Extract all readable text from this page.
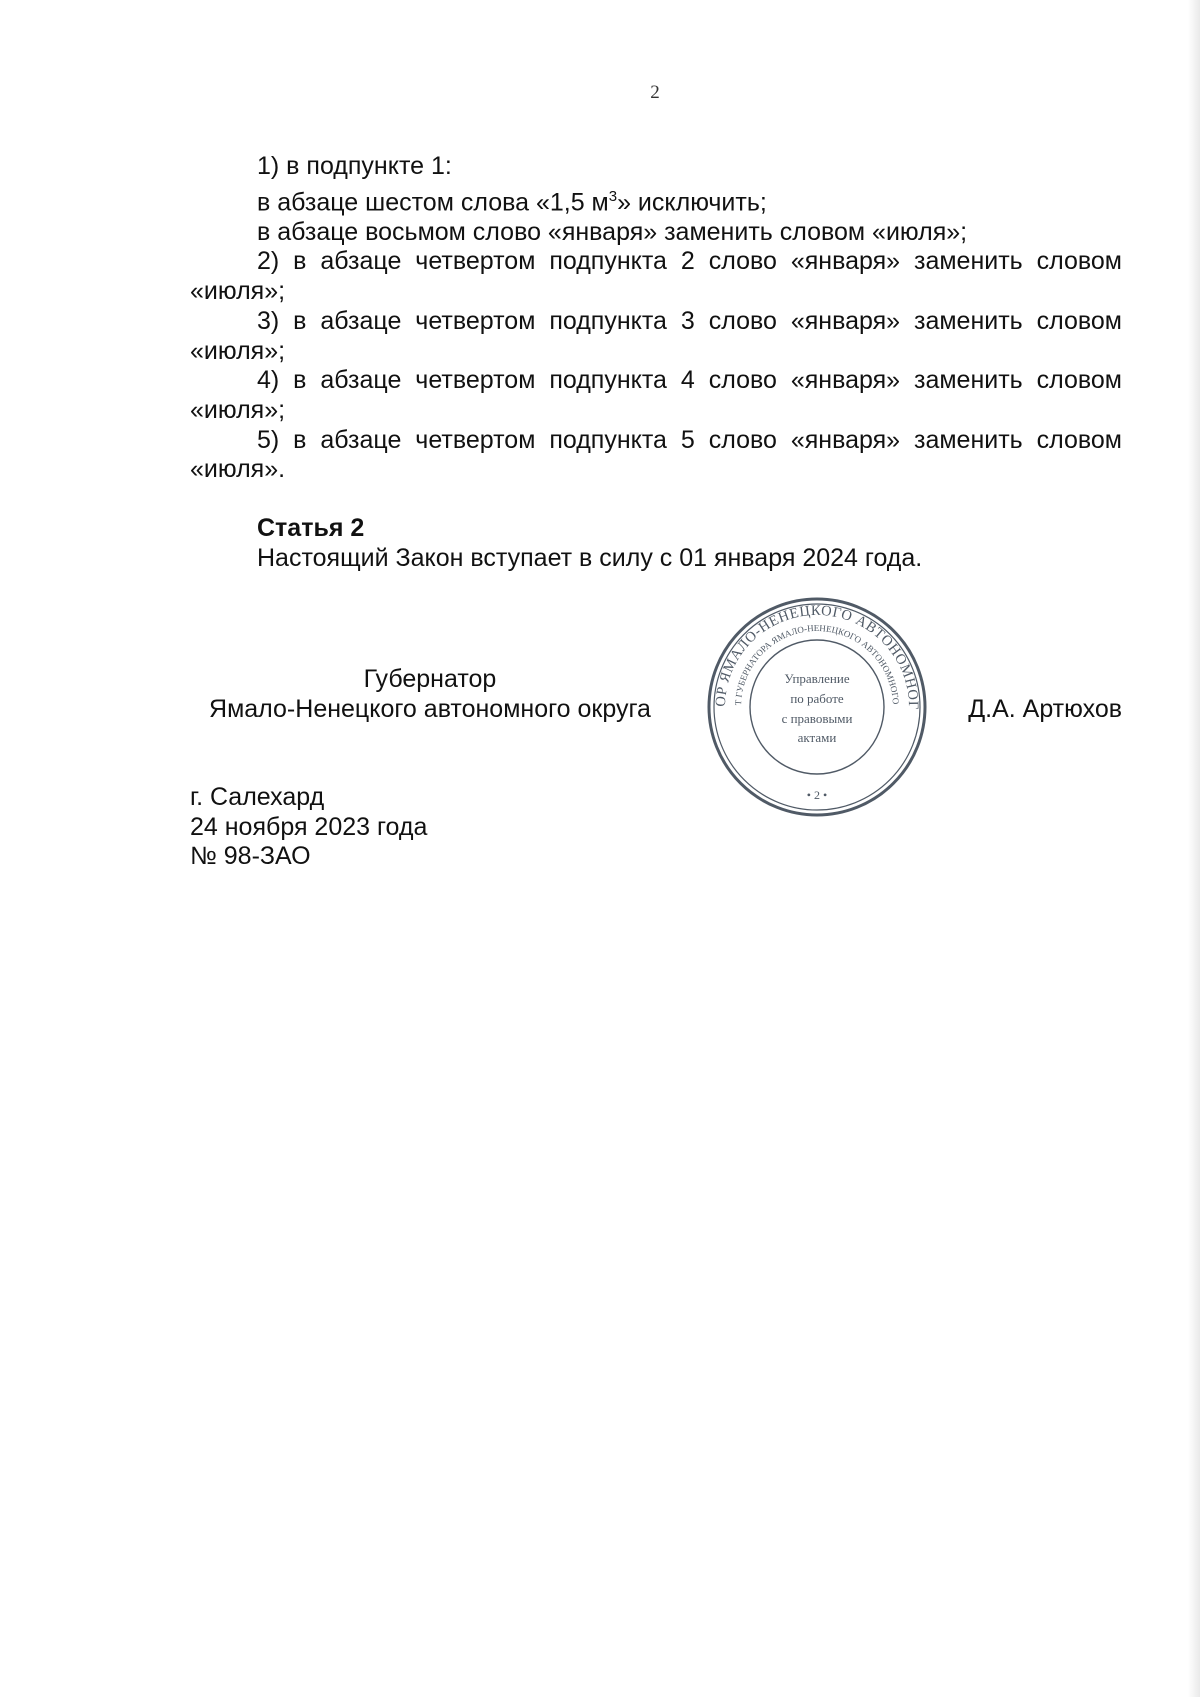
2

1) в подпункте 1:

в абзаце шестом слова «1,5 $м^3$» исключить;

в абзаце восьмом слово «января» заменить словом «июля»;

2) в абзаце четвертом подпункта 2 слово «января» заменить словом «июля»;

3) в абзаце четвертом подпункта 3 слово «января» заменить словом «июля»;

4) в абзаце четвертом подпункта 4 слово «января» заменить словом «июля»;

5) в абзаце четвертом подпункта 5 слово «января» заменить словом «июля».

Статья 2

Настоящий Закон вступает в силу с 01 января 2024 года.

Губернатор
Ямало-Ненецкого автономного округа	Д.А. Артюхов
ОР ЯМАЛО-НЕНЕЦКОГО АВТОНОМНОГ
Т ГУБЕРНАТОРА ЯМАЛО-НЕНЕЦКОГО АВТОНОМНОГО
Управление
по работе
с правовыми
актами
• 2 •
г. Салехард
24 ноября 2023 года
№ 98-ЗАО
